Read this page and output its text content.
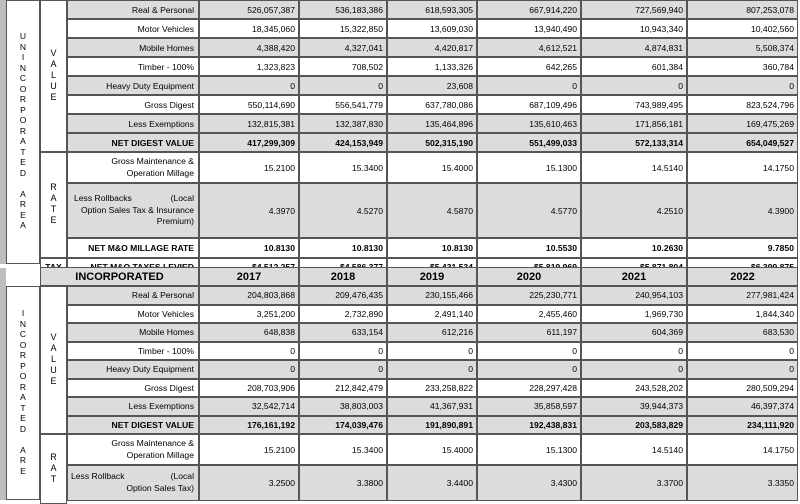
U
N
I
N
C
O
R
P
O
R
A
T
E
D
A
R
E
A
V
A
L
U
E
Real & Personal	526,057,387	536,183,386	618,593,305	667,914,220	727,569,940	807,253,078
Motor Vehicles	18,345,060	15,322,850	13,609,030	13,940,490	10,943,340	10,402,560
Mobile Homes	4,388,420	4,327,041	4,420,817	4,612,521	4,874,831	5,508,374
Timber - 100%	1,323,823	708,502	1,133,326	642,265	601,384	360,784
Heavy Duty Equipment	0	0	23,608	0	0	0
Gross Digest	550,114,690	556,541,779	637,780,086	687,109,496	743,989,495	823,524,796
Less Exemptions	132,815,381	132,387,830	135,464,896	135,610,463	171,856,181	169,475,269
NET DIGEST VALUE	417,299,309	424,153,949	502,315,190	551,499,033	572,133,314	654,049,527
R
A
T
E
Gross Maintenance &
Operation Millage	15.2100	15.3400	15.4000	15.1300	14.5140	14.1750
Less Rollbacks	(Local
Option Sales Tax & Insurance
Premium)
4.3970	4.5270	4.5870	4.5770	4.2510	4.3900
NET M&O MILLAGE RATE	10.8130	10.8130	10.8130	10.5530	10.2630	9.7850
INCORPORATED	2017	2018	2019	2020	2021	2022
I
N
C
O
R
P
O
R
A
T
E
D
A
R
E
V
A
L
U
E
Real & Personal	204,803,868	209,476,435	230,155,466	225,230,771	240,954,103	277,981,424
Motor Vehicles	3,251,200	2,732,890	2,491,140	2,455,460	1,969,730	1,844,340
Mobile Homes	648,838	633,154	612,216	611,197	604,369	683,530
Timber - 100%	0	0	0	0	0	0
Heavy Duty Equipment	0	0	0	0	0	0
Gross Digest	208,703,906	212,842,479	233,258,822	228,297,428	243,528,202	280,509,294
Less Exemptions	32,542,714	38,803,003	41,367,931	35,858,597	39,944,373	46,397,374
NET DIGEST VALUE	176,161,192	174,039,476	191,890,891	192,438,831	203,583,829	234,111,920
R
A
T
Gross Maintenance &
Operation Millage	15.2100	15.3400	15.4000	15.1300	14.5140	14.1750
Less Rollback	(Local
Option Sales Tax)	3.2500	3.3800	3.4400	3.4300	3.3700	3.3350
